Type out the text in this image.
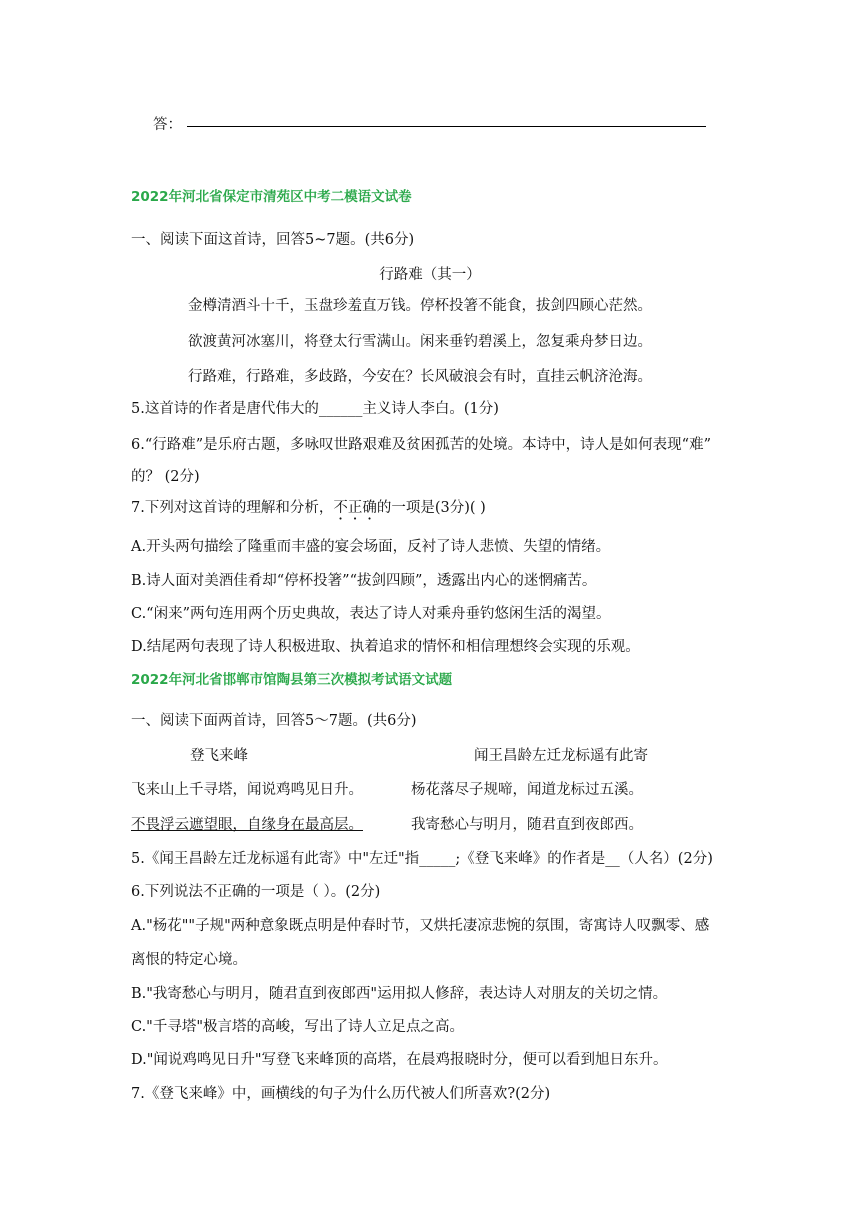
答：
2022年河北省保定市清苑区中考二模语文试卷
一、阅读下面这首诗，回答5~7题。(共6分)
行路难（其一）
金樽清酒斗十千，玉盘珍羞直万钱。停杯投箸不能食，拔剑四顾心茫然。
欲渡黄河冰塞川，将登太行雪满山。闲来垂钓碧溪上，忽复乘舟梦日边。
行路难，行路难，多歧路，今安在？长风破浪会有时，直挂云帆济沧海。
5.这首诗的作者是唐代伟大的______主义诗人李白。(1分)
6.“行路难”是乐府古题，多咏叹世路艰难及贫困孤苦的处境。本诗中，诗人是如何表现“难”
的？ (2分)
7.下列对这首诗的理解和分析，不正确的一项是(3分)( )
A.开头两句描绘了隆重而丰盛的宴会场面，反衬了诗人悲愤、失望的情绪。
B.诗人面对美酒佳肴却“停杯投箸”“拔剑四顾”，透露出内心的迷惘痛苦。
C.“闲来”两句连用两个历史典故，表达了诗人对乘舟垂钓悠闲生活的渴望。
D.结尾两句表现了诗人积极进取、执着追求的情怀和相信理想终会实现的乐观。
2022年河北省邯郸市馆陶县第三次模拟考试语文试题
一、阅读下面两首诗，回答5～7题。(共6分)
登飞来峰	闻王昌龄左迁龙标遥有此寄
飞来山上千寻塔，闻说鸡鸣见日升。	杨花落尽子规啼，闻道龙标过五溪。
不畏浮云遮望眼，自缘身在最高层。	我寄愁心与明月，随君直到夜郎西。
5.《闻王昌龄左迁龙标遥有此寄》中"左迁"指_____;《登飞来峰》的作者是__（人名）(2分)
6.下列说法不正确的一项是（ ）。(2分)
A."杨花""子规"两种意象既点明是仲春时节，又烘托凄凉悲惋的氛围，寄寓诗人叹飘零、感
离恨的特定心境。
B."我寄愁心与明月，随君直到夜郎西"运用拟人修辞，表达诗人对朋友的关切之情。
C."千寻塔"极言塔的高峻，写出了诗人立足点之高。
D."闻说鸡鸣见日升"写登飞来峰顶的高塔，在晨鸡报晓时分，便可以看到旭日东升。
7.《登飞来峰》中，画横线的句子为什么历代被人们所喜欢?(2分)
